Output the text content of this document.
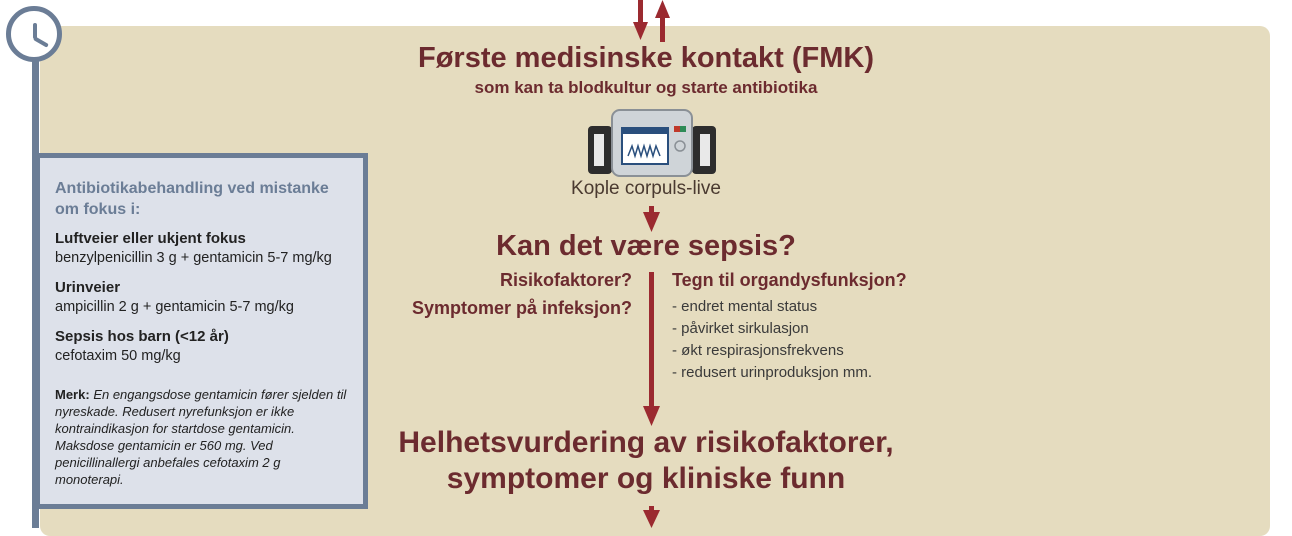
Første medisinske kontakt (FMK)
som kan ta blodkultur og starte antibiotika
Kople corpuls-live
Kan det være sepsis?
Risikofaktorer?
Symptomer på infeksjon?
Tegn til organdysfunksjon?
- endret mental status
- påvirket sirkulasjon
- økt respirasjonsfrekvens
- redusert urinproduksjon mm.
Helhetsvurdering av risikofaktorer,
symptomer og kliniske funn
Antibiotikabehandling ved mistanke om fokus i:
Luftveier eller ukjent fokus
benzylpenicillin 3 g + gentamicin 5-7 mg/kg
Urinveier
ampicillin 2 g + gentamicin 5-7 mg/kg
Sepsis hos barn (<12 år)
cefotaxim 50 mg/kg
Merk: En engangsdose gentamicin fører sjelden til nyreskade. Redusert nyrefunksjon er ikke kontraindikasjon for startdose gentamicin. Maksdose gentamicin er 560 mg. Ved penicillinallergi anbefales cefotaxim 2 g monoterapi.
